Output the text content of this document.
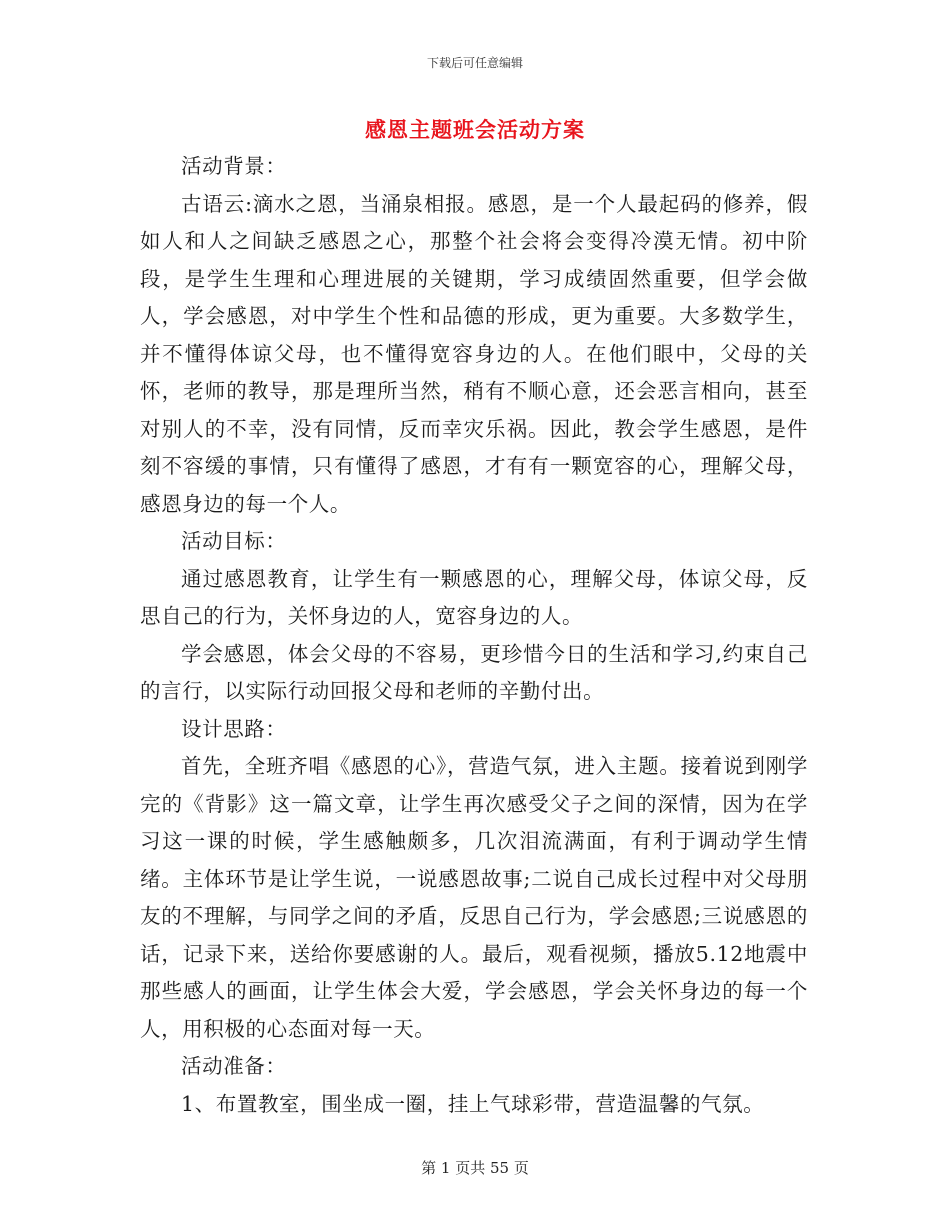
下载后可任意编辑
感恩主题班会活动方案

活动背景：

古语云:滴水之恩，当涌泉相报。感恩，是一个人最起码的修养，假如人和人之间缺乏感恩之心，那整个社会将会变得冷漠无情。初中阶段，是学生生理和心理进展的关键期，学习成绩固然重要，但学会做人，学会感恩，对中学生个性和品德的形成，更为重要。大多数学生，并不懂得体谅父母，也不懂得宽容身边的人。在他们眼中，父母的关怀，老师的教导，那是理所当然，稍有不顺心意，还会恶言相向，甚至对别人的不幸，没有同情，反而幸灾乐祸。因此，教会学生感恩，是件刻不容缓的事情，只有懂得了感恩，才有有一颗宽容的心，理解父母，感恩身边的每一个人。

活动目标：

通过感恩教育，让学生有一颗感恩的心，理解父母，体谅父母，反思自己的行为，关怀身边的人，宽容身边的人。

学会感恩，体会父母的不容易，更珍惜今日的生活和学习,约束自己的言行，以实际行动回报父母和老师的辛勤付出。

设计思路：

首先，全班齐唱《感恩的心》，营造气氛，进入主题。接着说到刚学完的《背影》这一篇文章，让学生再次感受父子之间的深情，因为在学习这一课的时候，学生感触颇多，几次泪流满面，有利于调动学生情绪。主体环节是让学生说，一说感恩故事;二说自己成长过程中对父母朋友的不理解，与同学之间的矛盾，反思自己行为，学会感恩;三说感恩的话，记录下来，送给你要感谢的人。最后，观看视频，播放5.12地震中那些感人的画面，让学生体会大爱，学会感恩，学会关怀身边的每一个人，用积极的心态面对每一天。

活动准备：

1、布置教室，围坐成一圈，挂上气球彩带，营造温馨的气氛。

第 1 页共 55 页
